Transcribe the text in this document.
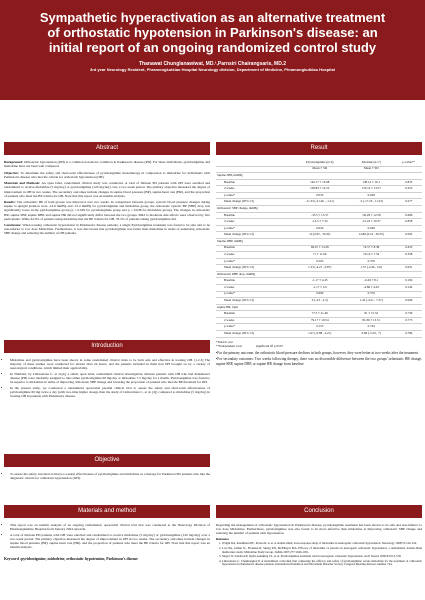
Sympathetic hyperactivation as an alternative treatment of orthostatic hypotension in Parkinson's disease: an initial report of an ongoing randomized control study
Thanawat Chunglanawiwat, MD.¹,Parnsiri Chairangsaris, MD.2
3rd year Neurology Resident, Phramongkutklao Hospital Neurology division, Department of Medicine, Phramongkutklao Hospital
Abstract

Background: Orthostatic hypotension (OH) is a common non-motor condition in Parkinson's disease (PD). For these individuals, pyridostigmine and midodrine have not been well compared.

Objective: To determine the safety and short-term effectiveness of pyridostigmine monotherapy in comparison to midodrine for individuals with Parkinson's disease who met the criteria for orthostatic hypotension (OH).

Materials and Methods: An open label, randomized clinical study was conducted. A total of thirteen PD patients with OH were enrolled and randomized to receive midodrine (5 mg/day) or pyridostigmine (120 mg/day) over a two-week period. The primary objective measured the degree of improvement in OH in two weeks. The secondary outcomes include changes in supine blood pressure (BP), supine heart rate (HR), and the proportion of patients who meet the BP criteria for OH. Note that this report was an interim analysis.

Results: The orthostatic BP of both groups was improved over two weeks. In comparison between groups, systolic blood pressure changes during supine to upright position were -14.6 mmHg and -15.4 mmHg for pyridostigmine and midodrine group, the orthostatic systolic BP (SBP) drop was significantly lower in the pyridostigmine group (p = 0.029 for pyridostigmine group and p = 0.048 for midodrine group). The changes in orthostatic HR, supine SBP, supine DBP, and supine HR did not significantly differ between the two groups. Mild to moderate side effects were observed by five participants. While 42.9% of patients using midodrine met the BP criteria for OH, 33.3% of patients taking pyridostigmine did.

Conclusion: When treating orthostatic hypotension in Parkinson's disease patients, a single Pyridostigmine treatment was found to be safe and to be non-inferior to low dose Midodrine. Furthermore, it was discovered that pyridostigmine was better than midodrine in terms of enhancing orthostatic SBP change and reducing the number of OH patients.

Introduction
• Midodrine and pyridostigmine have been shown in some randomized clinical trials to be both safe and effective in treating OH. [1,2,3] The majority of these studies were conducted for shorter than 24 hours, and the patients included in them had OH brought on by a variety of neurological conditions, which limited their applicability.
• In Thailand, by Limwattana C. et al.[4], a small, open label, randomized clinical investigation, thirteen patients with OH who had Parkinson's disease (PD) were randomly assigned to take either pyridostigmine 60 mg/day or midodrine 7.5 mg/day for a month. Pyridostigmine was found to be superior to midodrine in terms of improving orthostatic SBP change and lowering the proportion of patients who met the BP threshold for OH.
• In the present study, we conducted a randomized open-label parallel clinical trial to assess the safety and short-term effectiveness of pyridostigmine 60 mg twice a day (with two-time higher dosage than the study of Limwattana C, et al. [4]) compared to midodrine (5 mg/day) in treating OH in patients with Parkinson's disease.
Objective
• To assess the safety and short-term (two weeks) effectiveness of pyridostigmine and midodrine as a therapy for Parkinson PD patients who met the diagnostic criteria for orthostatic hypotension (OH).
Materials and method
• This report was an interim analysis of an ongoing randomized, open-label clinical trial that was conducted at the Neurology Division of Phramongkutklao Hospital from January 2024 onwards.
• A total of thirteen PD patients with OH were enrolled and randomized to receive midodrine (5 mg/day) or pyridostigmine (120 mg/day) over a two-week period. The primary objective measured the degree of improvement in OH in two weeks. The secondary outcomes include changes in supine blood pressure (BP), supine heart rate (HR), and the proportion of patients who meet the BP criteria for OH. Note that this report was an interim analysis.
Keyword :pyridostigmine, midodrine, orthostatic hypotension, Parkinson's disease
Result
	Pyridostigmine (n=6)	Modrine (n=7)	p-value**
	Mean ± SD	Mean ± SD	
Supine SBP, mmHg			
Baseline	140.17 ± 10.98	138.14 ± 16.1	0.835
2 weeks	128.83 ± 14.52	135.14 ± 13.57	0.435
p-value*	0.035	0.628	
Mean change (95% CI)	-11.33 (-21.46 , -1.21)	-3 (-17.23 , 11.23)	0.277
Orthostatic SBP change, mmHg			
Baseline	-33.5 ± 15.37	-30.29 ± 12.58	0.686
2 weeks	-14.5 ± 7.34	-15.43 ± 10.37	0.858
p-value*	0.029	0.048	
Mean change (95% CI)	19 (2.95 , 35.05)	14.86 (0.16 , 29.55)	0.643
Supine DBP, mmHg			
Baseline	69.67 ± 13.28	74.57 ± 8.38	0.435
2 weeks	71 ± 11.66	76.14 ± 7.54	0.358
p-value*	0.563	0.376	
Mean change (95% CI)	1.33 (-4.21 , 6.87)	1.57 (-2.46 , 5.6)	0.931
Orthostatic DBP drop, mmHg			
Baseline	-1.17 ± 4.45	-6.29 ± 8.1	0.196
2 weeks	-1.17 ± 3.6	-4.86 ± 4.63	0.142
p-value*	0.999	0.576	
Mean change (95% CI)	0 (-4.3 , 4.3)	1.43 (-4.51 , 7.37)	0.649
supine HR, bpm			
Baseline	77.5 ± 21.49	81 ± 15.32	0.739
2 weeks	79.17 ± 19.54	81.86 ± 13.51	0.775
p-value*	0.153	0.744	
Mean change (95% CI)	1.67 (-0.88 , 4.21)	0.86 (-5.29 , 7)	0.784
*Paired t test
**Independent t test	significant iff p<0.05
•For the primary outcome, the orthostatic blood pressure declines in both groups, however, they were better at two-weeks after the treatment.
•For secondary outcomes: Two weeks following therapy, there was no discernible difference between the two groups' orthostatic HR change, supine SBP, supine DBP, or supine HR change from baseline.
Conclusion

Regarding the management of orthostatic hypotension in Parkinson's disease, pyridostigmine treatment has been shown to be safe and non-inferior to low dose Midodrine. Furthermore, pyridostigmine was also found to be more effective than midodrine at improving orthostatic SBP change and reducing the number of patients with hypotension.

Reference
1. Wright RA, Kaufmann HC, Perera R, et al. A double-blind, dose-response study of midodrine in neurogenic orthostatic hypotension. Neurology 1998;51:120-124.
2. Low PA, Gilden JL, Freeman R, Sheng KN, McElligott MA. Efficacy of midodrine vs placebo in neurogenic orthostatic hypotension: a randomized, double-blind multicenter study. Midodrine Study Group. JAMA 1997;277:1046-1051.
3. Singer W, Sandroni P, Opfer-Gehrking TL, et al. Pyridostigmine treatment trial in neurogenic orthostatic hypotension. Arch Neurol 2006;63:513-518.
4. Limwattana C, Chaimongkol P. A randomized controlled trial comparing the efficacy and safety of pyridostigmine versus midodrine for the treatment of orthostatic hypotension in Parkinson's disease patients. International Parkinson and Movement Disorder Society Congress Meeting Abstract number 744.
